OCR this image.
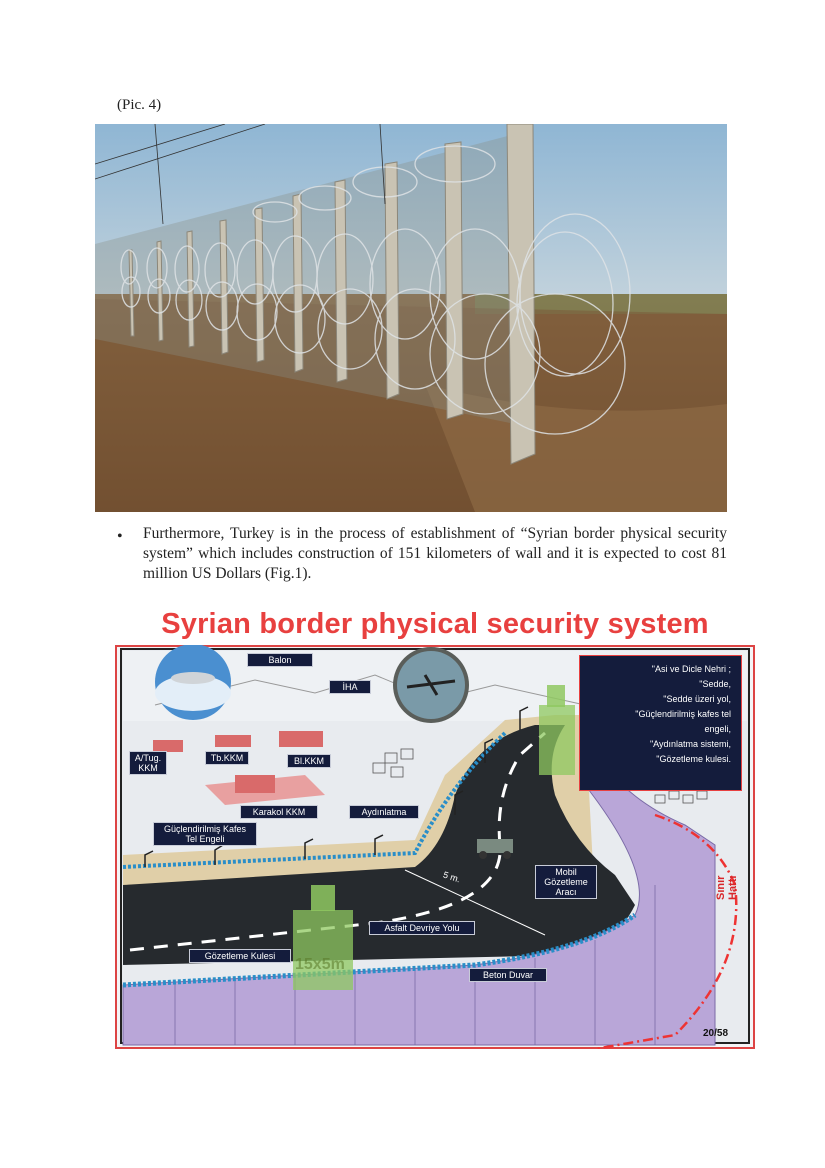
(Pic. 4)
• Furthermore, Turkey is in the process of establishment of “Syrian border physical security system” which includes construction of 151 kilometers of wall and it is expected to cost 81 million US Dollars (Fig.1).
Syrian border physical security system
Balon
İHA
A/Tug.
KKM
Tb.KKM	Bl.KKM
Karakol KKM	Aydınlatma
Güçlendirilmiş Kafes
Tel Engeli
Mobil
Gözetleme
Aracı
Asfalt Devriye Yolu
Gözetleme Kulesi
Beton Duvar
5 m.
15x5m
"Asi ve Dicle Nehri ;
"Sedde,
"Sedde üzeri yol,
"Güçlendirilmiş kafes tel
engeli,
"Aydınlatma sistemi,
"Gözetleme kulesi.
Sınır Hattı
20/58
